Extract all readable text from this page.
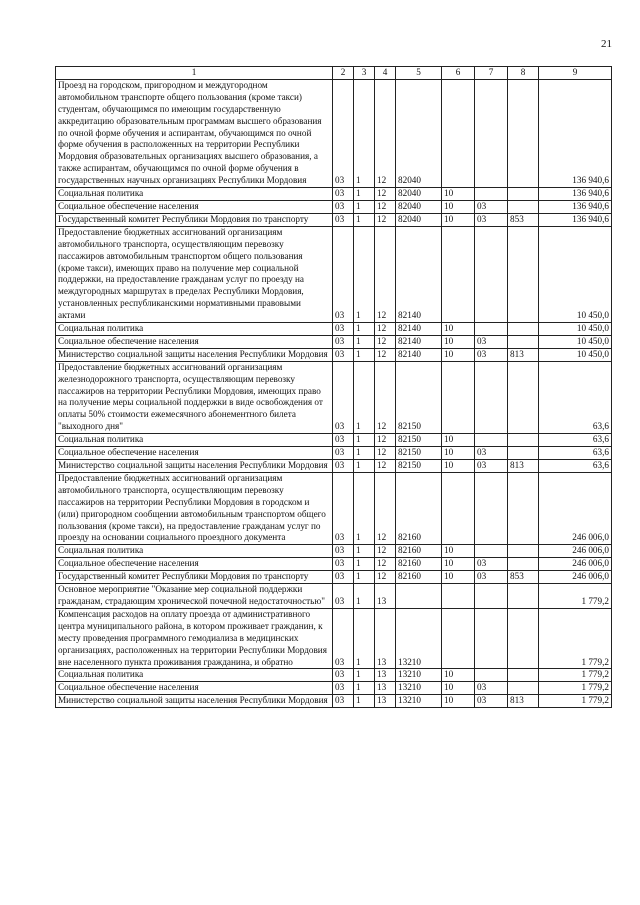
21
1	2	3	4	5	6	7	8	9
Проезд на городском, пригородном и междугородном автомобильном транспорте общего пользования (кроме такси) студентам, обучающимся по имеющим государственную аккредитацию образовательным программам высшего образования по очной форме обучения и аспирантам, обучающимся по очной форме обучения в расположенных на территории Республики Мордовия образовательных организациях высшего образования, а также аспирантам, обучающимся по очной форме обучения в государственных научных организациях Республики Мордовия	03	1	12	82040				136 940,6
Социальная политика	03	1	12	82040	10			136 940,6
Социальное обеспечение населения	03	1	12	82040	10	03		136 940,6
Государственный комитет Республики Мордовия по транспорту	03	1	12	82040	10	03	853	136 940,6
Предоставление бюджетных ассигнований организациям автомобильного транспорта, осуществляющим перевозку пассажиров автомобильным транспортом общего пользования (кроме такси), имеющих право на получение мер социальной поддержки, на предоставление гражданам услуг по проезду на междугородных маршрутах в пределах Республики Мордовия, установленных республиканскими нормативными правовыми актами	03	1	12	82140				10 450,0
Социальная политика	03	1	12	82140	10			10 450,0
Социальное обеспечение населения	03	1	12	82140	10	03		10 450,0
Министерство социальной защиты населения Республики Мордовия	03	1	12	82140	10	03	813	10 450,0
Предоставление бюджетных ассигнований организациям железнодорожного транспорта, осуществляющим перевозку пассажиров на территории Республики Мордовия, имеющих право на получение меры социальной поддержки в виде освобождения от оплаты 50% стоимости ежемесячного абонементного билета "выходного дня"	03	1	12	82150				63,6
Социальная политика	03	1	12	82150	10			63,6
Социальное обеспечение населения	03	1	12	82150	10	03		63,6
Министерство социальной защиты населения Республики Мордовия	03	1	12	82150	10	03	813	63,6
Предоставление бюджетных ассигнований организациям автомобильного транспорта, осуществляющим перевозку пассажиров на территории Республики Мордовия в городском и (или) пригородном сообщении автомобильным транспортом общего пользования (кроме такси), на предоставление гражданам услуг по проезду на основании социального проездного документа	03	1	12	82160				246 006,0
Социальная политика	03	1	12	82160	10			246 006,0
Социальное обеспечение населения	03	1	12	82160	10	03		246 006,0
Государственный комитет Республики Мордовия по транспорту	03	1	12	82160	10	03	853	246 006,0
Основное мероприятие "Оказание мер социальной поддержки гражданам, страдающим хронической почечной недостаточностью"	03	1	13					1 779,2
Компенсация расходов на оплату проезда от административного центра муниципального района, в котором проживает гражданин, к месту проведения программного гемодиализа в медицинских организациях, расположенных на территории Республики Мордовия вне населенного пункта проживания гражданина, и обратно	03	1	13	13210				1 779,2
Социальная политика	03	1	13	13210	10			1 779,2
Социальное обеспечение населения	03	1	13	13210	10	03		1 779,2
Министерство социальной защиты населения Республики Мордовия	03	1	13	13210	10	03	813	1 779,2
